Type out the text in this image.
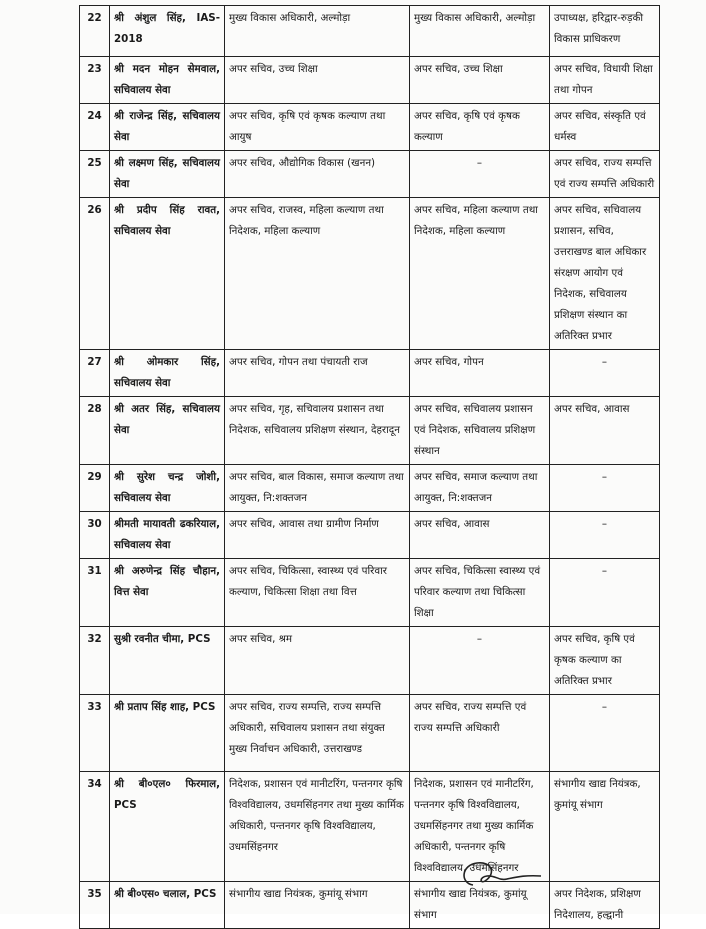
22	श्री अंशुल सिंह, IAS-2018	मुख्य विकास अधिकारी, अल्मोड़ा	मुख्य विकास अधिकारी, अल्मोड़ा	उपाध्यक्ष, हरिद्वार-रुड़की विकास प्राधिकरण
23	श्री मदन मोहन सेमवाल, सचिवालय सेवा	अपर सचिव, उच्च शिक्षा	अपर सचिव, उच्च शिक्षा	अपर सचिव, विधायी शिक्षा तथा गोपन
24	श्री राजेन्द्र सिंह, सचिवालय सेवा	अपर सचिव, कृषि एवं कृषक कल्याण तथा आयुष	अपर सचिव, कृषि एवं कृषक कल्याण	अपर सचिव, संस्कृति एवं धर्मस्व
25	श्री लक्ष्मण सिंह, सचिवालय सेवा	अपर सचिव, औद्योगिक विकास (खनन)	–	अपर सचिव, राज्य सम्पत्ति एवं राज्य सम्पत्ति अधिकारी
26	श्री प्रदीप सिंह रावत, सचिवालय सेवा	अपर सचिव, राजस्व, महिला कल्याण तथा निदेशक, महिला कल्याण	अपर सचिव, महिला कल्याण तथा निदेशक, महिला कल्याण	अपर सचिव, सचिवालय प्रशासन, सचिव, उत्तराखण्ड बाल अधिकार संरक्षण आयोग एवं निदेशक, सचिवालय प्रशिक्षण संस्थान का अतिरिक्त प्रभार
27	श्री ओमकार सिंह, सचिवालय सेवा	अपर सचिव, गोपन तथा पंचायती राज	अपर सचिव, गोपन	–
28	श्री अतर सिंह, सचिवालय सेवा	अपर सचिव, गृह, सचिवालय प्रशासन तथा निदेशक, सचिवालय प्रशिक्षण संस्थान, देहरादून	अपर सचिव, सचिवालय प्रशासन एवं निदेशक, सचिवालय प्रशिक्षण संस्थान	अपर सचिव, आवास
29	श्री सुरेश चन्द्र जोशी, सचिवालय सेवा	अपर सचिव, बाल विकास, समाज कल्याण तथा आयुक्त, नि:शक्तजन	अपर सचिव, समाज कल्याण तथा आयुक्त, नि:शक्तजन	–
30	श्रीमती मायावती ढकरियाल, सचिवालय सेवा	अपर सचिव, आवास तथा ग्रामीण निर्माण	अपर सचिव, आवास	–
31	श्री अरुणेन्द्र सिंह चौहान, वित्त सेवा	अपर सचिव, चिकित्सा, स्वास्थ्य एवं परिवार कल्याण, चिकित्सा शिक्षा तथा वित्त	अपर सचिव, चिकित्सा स्वास्थ्य एवं परिवार कल्याण तथा चिकित्सा शिक्षा	–
32	सुश्री रवनीत चीमा, PCS	अपर सचिव, श्रम	–	अपर सचिव, कृषि एवं कृषक कल्याण का अतिरिक्त प्रभार
33	श्री प्रताप सिंह शाह, PCS	अपर सचिव, राज्य सम्पत्ति, राज्य सम्पत्ति अधिकारी, सचिवालय प्रशासन तथा संयुक्त मुख्य निर्वाचन अधिकारी, उत्तराखण्ड	अपर सचिव, राज्य सम्पत्ति एवं राज्य सम्पत्ति अधिकारी	–
34	श्री बी०एल० फिरमाल, PCS	निदेशक, प्रशासन एवं मानीटरिंग, पन्तनगर कृषि विश्वविद्यालय, उधमसिंहनगर तथा मुख्य कार्मिक अधिकारी, पन्तनगर कृषि विश्वविद्यालय, उधमसिंहनगर	निदेशक, प्रशासन एवं मानीटरिंग, पन्तनगर कृषि विश्वविद्यालय, उधमसिंहनगर तथा मुख्य कार्मिक अधिकारी, पन्तनगर कृषि विश्वविद्यालय, उधमसिंहनगर	संभागीय खाद्य नियंत्रक, कुमांयू संभाग
35	श्री बी०एस० चलाल, PCS	संभागीय खाद्य नियंत्रक, कुमांयू संभाग	संभागीय खाद्य नियंत्रक, कुमांयू संभाग	अपर निदेशक, प्रशिक्षण निदेशालय, हल्द्वानी
